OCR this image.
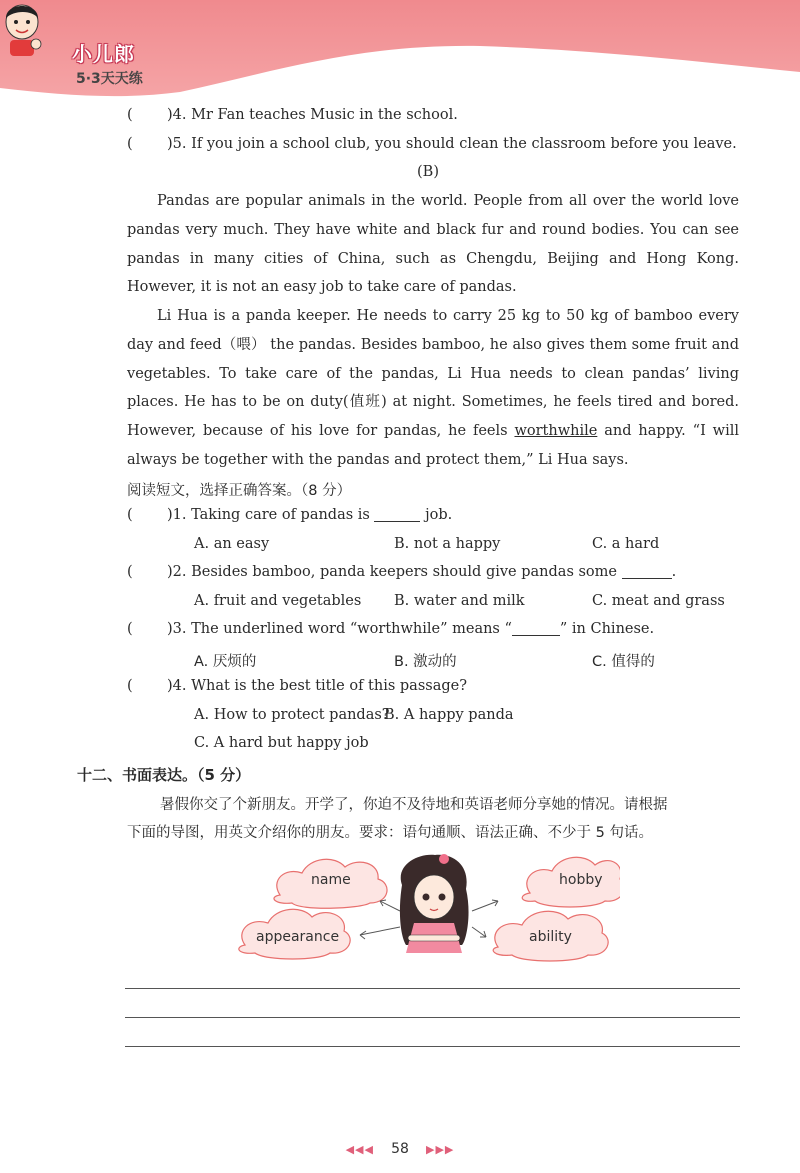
小儿郎
5·3天天练
( )4. Mr Fan teaches Music in the school.
( )5. If you join a school club, you should clean the classroom before you leave.
(B)
Pandas are popular animals in the world. People from all over the world love pandas very much. They have white and black fur and round bodies. You can see pandas in many cities of China, such as Chengdu, Beijing and Hong Kong. However, it is not an easy job to take care of pandas.
Li Hua is a panda keeper. He needs to carry 25 kg to 50 kg of bamboo every day and feed（喂） the pandas. Besides bamboo, he also gives them some fruit and vegetables. To take care of the pandas, Li Hua needs to clean pandas’ living places. He has to be on duty(值班) at night. Sometimes, he feels tired and bored. However, because of his love for pandas, he feels worthwhile and happy. “I will always be together with the pandas and protect them,” Li Hua says.
阅读短文，选择正确答案。（8 分）
( )1. Taking care of pandas is	job.
A. an easy	B. not a happy	C. a hard
( )2. Besides bamboo, panda keepers should give pandas some	.
A. fruit and vegetables B. water and milk	C. meat and grass
( )3. The underlined word “worthwhile” means “	” in Chinese.
A. 厌烦的	B. 激动的	C. 值得的
( )4. What is the best title of this passage?
A. How to protect pandas?
B. A happy panda
C. A hard but happy job
十二、书面表达。（5 分）
暑假你交了个新朋友。开学了，你迫不及待地和英语老师分享她的情况。请根据
下面的导图，用英文介绍你的朋友。要求：语句通顺、语法正确、不少于 5 句话。
name	hobby
appearance	ability
◀◀◀ 58 ▶▶▶
